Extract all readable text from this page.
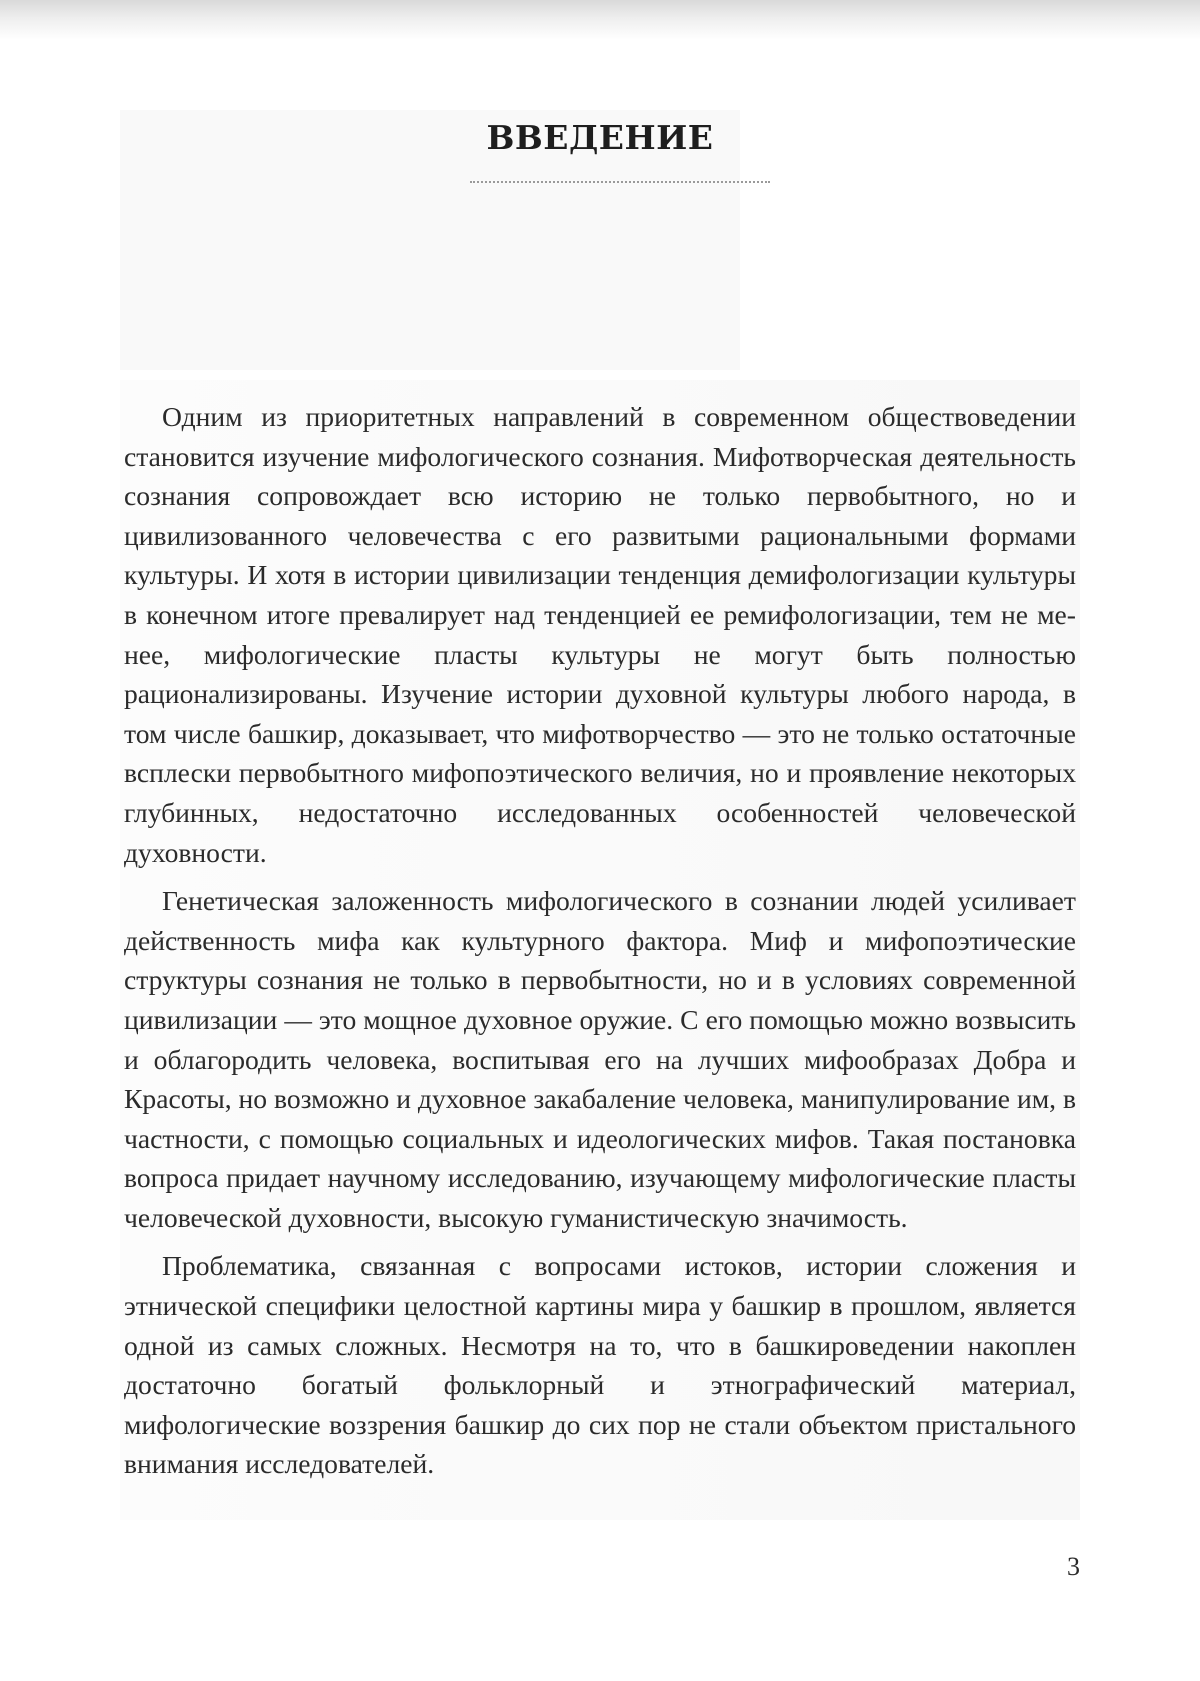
ВВЕДЕНИЕ

Одним из приоритетных направлений в современном обществоведении становится изучение мифологического сознания. Мифотворческая деятельность сознания сопровождает всю историю не только первобытного, но и цивилизованного человечества с его развитыми рациональными формами культуры. И хотя в истории цивилизации тенденция демифологизации культуры в конечном итоге превалирует над тенденцией ее ремифологизации, тем не менее, мифологические пласты культуры не могут быть полностью рационализированы. Изучение истории духовной культуры любого народа, в том числе башкир, доказывает, что мифотворчество — это не только остаточные всплески первобытного мифопоэтического величия, но и проявление некоторых глубинных, недостаточно исследованных особенностей человеческой духовности.

Генетическая заложенность мифологического в сознании людей усиливает действенность мифа как культурного фактора. Миф и мифопоэтические структуры сознания не только в первобытности, но и в условиях современной цивилизации — это мощное духовное оружие. С его помощью можно возвысить и облагородить человека, воспитывая его на лучших мифообразах Добра и Красоты, но возможно и духовное закабаление человека, манипулирование им, в частности, с помощью социальных и идеологических мифов. Такая постановка вопроса придает научному исследованию, изучающему мифологические пласты человеческой духовности, высокую гуманистическую значимость.

Проблематика, связанная с вопросами истоков, истории сложения и этнической специфики целостной картины мира у башкир в прошлом, является одной из самых сложных. Несмотря на то, что в башкироведении накоплен достаточно богатый фольклорный и этнографический материал, мифологические воззрения башкир до сих пор не стали объектом пристального внимания исследователей.

3
